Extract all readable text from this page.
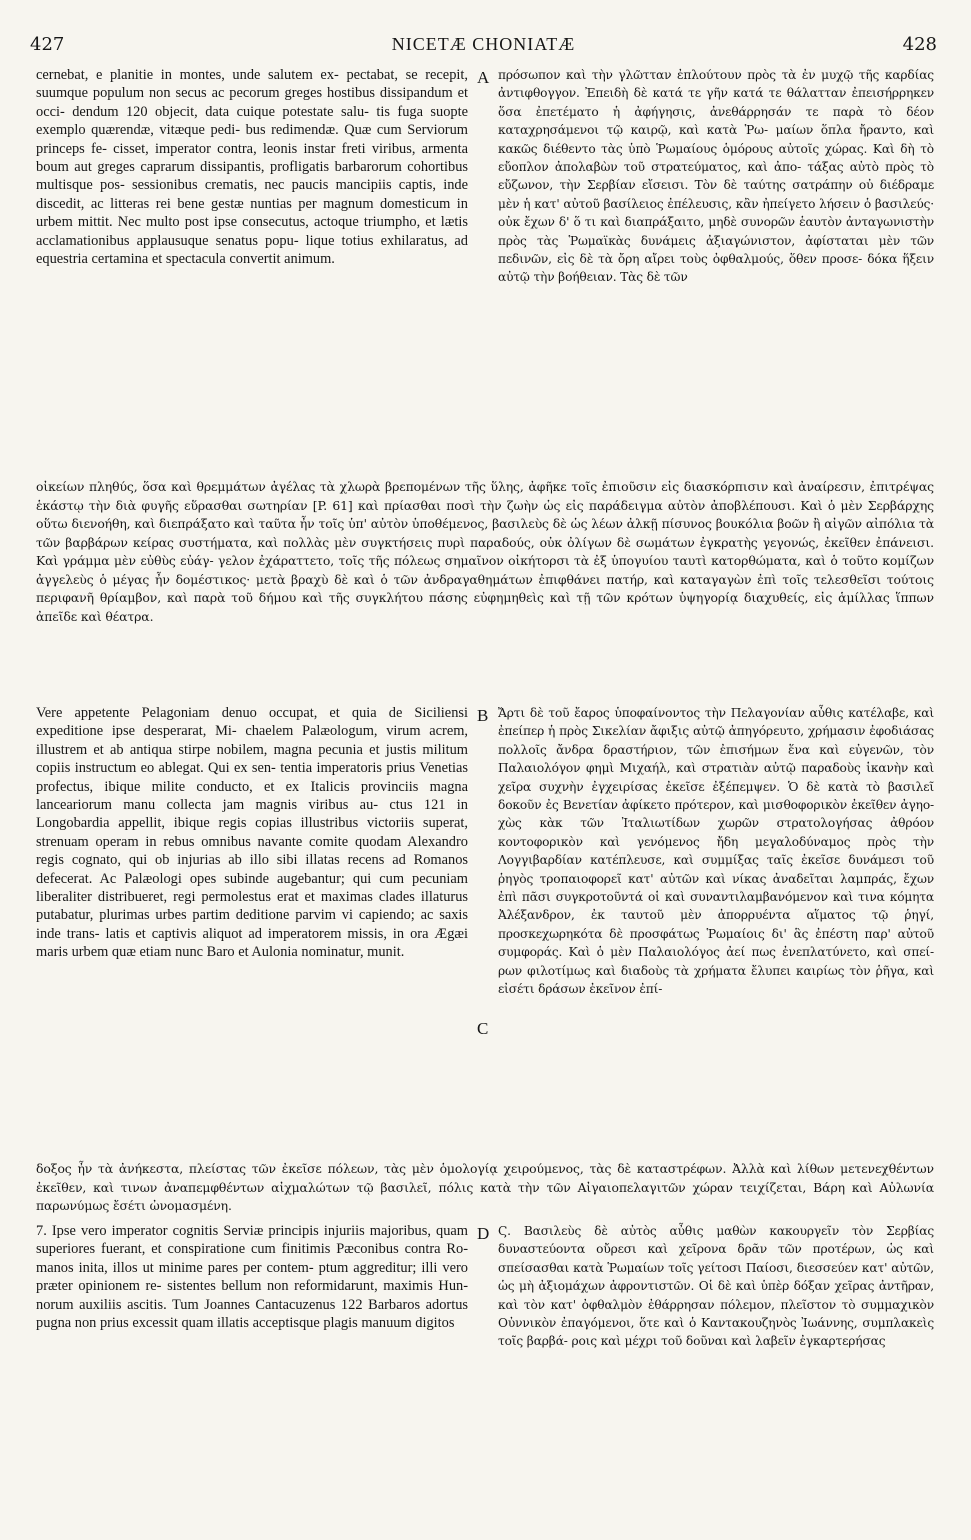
427	NICETÆ CHONIATÆ	428

cernebat, e planitie in montes, unde salutem ex- pectabat, se recepit, suumque populum non secus ac pecorum greges hostibus dissipandum et occi- dendum 120 objecit, data cuique potestate salu- tis fuga suopte exemplo quærendæ, vitæque pedi- bus redimendæ. Quæ cum Serviorum princeps fe- cisset, imperator contra, leonis instar freti viribus, armenta boum aut greges caprarum dissipantis, profligatis barbarorum cohortibus multisque pos- sessionibus crematis, nec paucis mancipiis captis, inde discedit, ac litteras rei bene gestæ nuntias per magnum domesticum in urbem mittit. Nec multo post ipse consecutus, actoque triumpho, et lætis acclamationibus applausuque senatus popu- lique totius exhilaratus, ad equestria certamina et spectacula convertit animum.

A πρόσωπον καὶ τὴν γλῶτταν ἐπλούτουν πρὸς τὰ ἐν μυχῷ τῆς καρδίας ἀντιφθογγον. Ἐπειδὴ δὲ κατά τε γῆν κατά τε θάλατταν ἐπεισήρρηκεν ὅσα ἐπετέματο ἡ ἀφήγησις, ἀνεθάρρησάν τε παρὰ τὸ δέον καταχρησάμενοι τῷ καιρῷ, καὶ κατὰ Ῥω- μαίων ὅπλα ἤραντο, καὶ κακῶς διέθεντο τὰς ὑπὸ Ῥωμαίους ὁμόρους αὐτοῖς χώρας. Καὶ δὴ τὸ εὔοπλον ἀπολαβὼν τοῦ στρατεύματος, καὶ ἀπο- τάξας αὐτὸ πρὸς τὸ εὔζωνον, τὴν Σερβίαν εἴσεισι. Τὸν δὲ ταύτης σατράπην οὐ διέδραμε μὲν ἡ κατ' αὐτοῦ βασίλειος ἐπέλευσις, κἂν ἠπείγετο λήσειν ὁ βασιλεύς· οὐκ ἔχων δ' ὅ τι καὶ διαπράξαιτο, μηδὲ συνορῶν ἑαυτὸν ἀνταγωνιστὴν πρὸς τὰς Ῥωμαϊκὰς δυνάμεις ἀξιαγώνιστον, ἀφίσταται μὲν τῶν πεδινῶν, εἰς δὲ τὰ ὄρη αἴρει τοὺς ὀφθαλμούς, ὅθεν προσε- δόκα ἥξειν αὐτῷ τὴν βοήθειαν. Τὰς δὲ τῶν

οἰκείων πληθύς, ὅσα καὶ θρεμμάτων ἀγέλας τὰ χλωρὰ βρεπομένων τῆς ὕλης, ἀφῆκε τοῖς ἐπιοῦσιν εἰς διασκόρπισιν καὶ ἀναίρεσιν, ἐπιτρέψας ἑκάστῳ τὴν διὰ φυγῆς εὕρασθαι σωτηρίαν [P. 61] καὶ πρίασθαι ποσὶ τὴν ζωὴν ὡς εἰς παράδειγμα αὐτὸν ἀποβλέπουσι. Καὶ ὁ μὲν Σερβάρχης οὕτω διενοήθη, καὶ διεπράξατο καὶ ταῦτα ἦν τοῖς ὑπ' αὐτὸν ὑποθέμενος, βασιλεὺς δὲ ὡς λέων ἀλκῇ πίσυνος βουκόλια βοῶν ἢ αἰγῶν αἰπόλια τὰ τῶν βαρβάρων κείρας συστήματα, καὶ πολλὰς μὲν συγκτήσεις πυρὶ παραδούς, οὐκ ὀλίγων δὲ σωμάτων ἐγκρατὴς γεγονώς, ἐκεῖθεν ἐπάνεισι. Καὶ γράμμα μὲν εὐθὺς εὐάγ- γελον ἐχάραττετο, τοῖς τῆς πόλεως σημαῖνον οἰκήτορσι τὰ ἐξ ὑπογυίου ταυτὶ κατορθώματα, καὶ ὁ τοῦτο κομίζων ἀγγελεὺς ὁ μέγας ἦν δομέστικος· μετὰ βραχὺ δὲ καὶ ὁ τῶν ἀνδραγαθημάτων ἐπιφθάνει πατήρ, καὶ καταγαγὼν ἐπὶ τοῖς τελεσθεῖσι τούτοις περιφανῆ θρίαμβον, καὶ παρὰ τοῦ δήμου καὶ τῆς συγκλήτου πάσης εὐφημηθεὶς καὶ τῇ τῶν κρότων ὑψηγορίᾳ διαχυθείς, εἰς ἁμίλλας ἵππων ἀπεῖδε καὶ θέατρα.

Vere appetente Pelagoniam denuo occupat, et quia de Siciliensi expeditione ipse desperarat, Mi- chaelem Palæologum, virum acrem, illustrem et ab antiqua stirpe nobilem, magna pecunia et justis militum copiis instructum eo ablegat. Qui ex sen- tentia imperatoris prius Venetias profectus, ibique milite conducto, et ex Italicis provinciis magna lanceariorum manu collecta jam magnis viribus au- ctus 121 in Longobardia appellit, ibique regis copias illustribus victoriis superat, strenuam operam in rebus omnibus navante comite quodam Alexandro regis cognato, qui ob injurias ab illo sibi illatas recens ad Romanos defecerat. Ac Palæologi opes subinde augebantur; qui cum pecuniam liberaliter distribueret, regi permolestus erat et maximas clades illaturus putabatur, plurimas urbes partim deditione parvim vi capiendo; ac saxis inde trans- latis et captivis aliquot ad imperatorem missis, in ora Ægæi maris urbem quæ etiam nunc Baro et Aulonia nominatur, munit.

B
C

Ἄρτι δὲ τοῦ ἔαρος ὑποφαίνοντος τὴν Πελαγονίαν αὖθις κατέλαβε, καὶ ἐπείπερ ἡ πρὸς Σικελίαν ἄφιξις αὐτῷ ἀπηγόρευτο, χρήμασιν ἐφοδιάσας πολλοῖς ἄνδρα δραστήριον, τῶν ἐπισήμων ἕνα καὶ εὐγενῶν, τὸν Παλαιολόγον φημὶ Μιχαήλ, καὶ στρατιὰν αὐτῷ παραδοὺς ἱκανὴν καὶ χεῖρα συχνὴν ἐγχειρίσας ἐκεῖσε ἐξέπεμψεν. Ὁ δὲ κατὰ τὸ βασιλεῖ δοκοῦν ἐς Βενετίαν ἀφίκετο πρότερον, καὶ μισθοφορικὸν ἐκεῖθεν ἀγηο- χὼς κὰκ τῶν Ἰταλιωτίδων χωρῶν στρατολογήσας ἀθρόον κοντοφορικὸν καὶ γενόμενος ἤδη μεγαλοδύναμος πρὸς τὴν Λογγιβαρδίαν κατέπλευσε, καὶ συμμίξας ταῖς ἐκεῖσε δυνάμεσι τοῦ ῥηγὸς τροπαιοφορεῖ κατ' αὐτῶν καὶ νίκας ἀναδεῖται λαμπράς, ἔχων ἐπὶ πᾶσι συγκροτοῦντά οἱ καὶ συναντιλαμβανόμενον καὶ τινα κόμητα Ἀλέξανδρον, ἐκ ταυτοῦ μὲν ἀπορρυέντα αἵματος τῷ ῥηγί, προσκεχωρηκότα δὲ προσφάτως Ῥωμαίοις δι' ἃς ἐπέστη παρ' αὐτοῦ συμφοράς. Καὶ ὁ μὲν Παλαιολόγος ἀεί πως ἐνεπλατύνετο, καὶ σπεί- ρων φιλοτίμως καὶ διαδοὺς τὰ χρήματα ἔλυπει καιρίως τὸν ῥῆγα, καὶ εἰσέτι δράσων ἐκεῖνον ἐπί-

δοξος ἦν τὰ ἀνήκεστα, πλείστας τῶν ἐκεῖσε πόλεων, τὰς μὲν ὁμολογίᾳ χειρούμενος, τὰς δὲ καταστρέφων. Ἀλλὰ καὶ λίθων μετενεχθέντων ἐκεῖθεν, καὶ τινων ἀναπεμφθέντων αἰχμαλώτων τῷ βασιλεῖ, πόλις κατὰ τὴν τῶν Αἰγαιοπελαγιτῶν χώραν τειχίζεται, Βάρη καὶ Αὐλωνία παρωνύμως ἔσέτι ὠνομασμένη.

7. Ipse vero imperator cognitis Serviæ principis injuriis majoribus, quam superiores fuerant, et conspiratione cum finitimis Pæconibus contra Ro- manos inita, illos ut minime pares per contem- ptum aggreditur; illi vero præter opinionem re- sistentes bellum non reformidarunt, maximis Hun- norum auxiliis ascitis. Tum Joannes Cantacuzenus 122 Barbaros adortus pugna non prius excessit quam illatis acceptisque plagis manuum digitos

D Ϛ. Βασιλεὺς δὲ αὐτὸς αὖθις μαθὼν κακουργεῖν τὸν Σερβίας δυναστεύοντα οὔρεσι καὶ χεῖρονα δρᾶν τῶν προτέρων, ὡς καὶ σπείσασθαι κατὰ Ῥωμαίων τοῖς γείτοσι Παίοσι, διεσσεύεν κατ' αὐτῶν, ὡς μὴ ἀξιομάχων ἀφροντιστῶν. Οἱ δὲ καὶ ὑπὲρ δόξαν χεῖρας ἀντῆραν, καὶ τὸν κατ' ὀφθαλμὸν ἐθάρρησαν πόλεμον, πλεῖστον τὸ συμμαχικὸν Οὐννικὸν ἐπαγόμενοι, ὅτε καὶ ὁ Καντακουζηνὸς Ἰωάννης, συμπλακεὶς τοῖς βαρβά- ροις καὶ μέχρι τοῦ δοῦναι καὶ λαβεῖν ἐγκαρτερήσας
